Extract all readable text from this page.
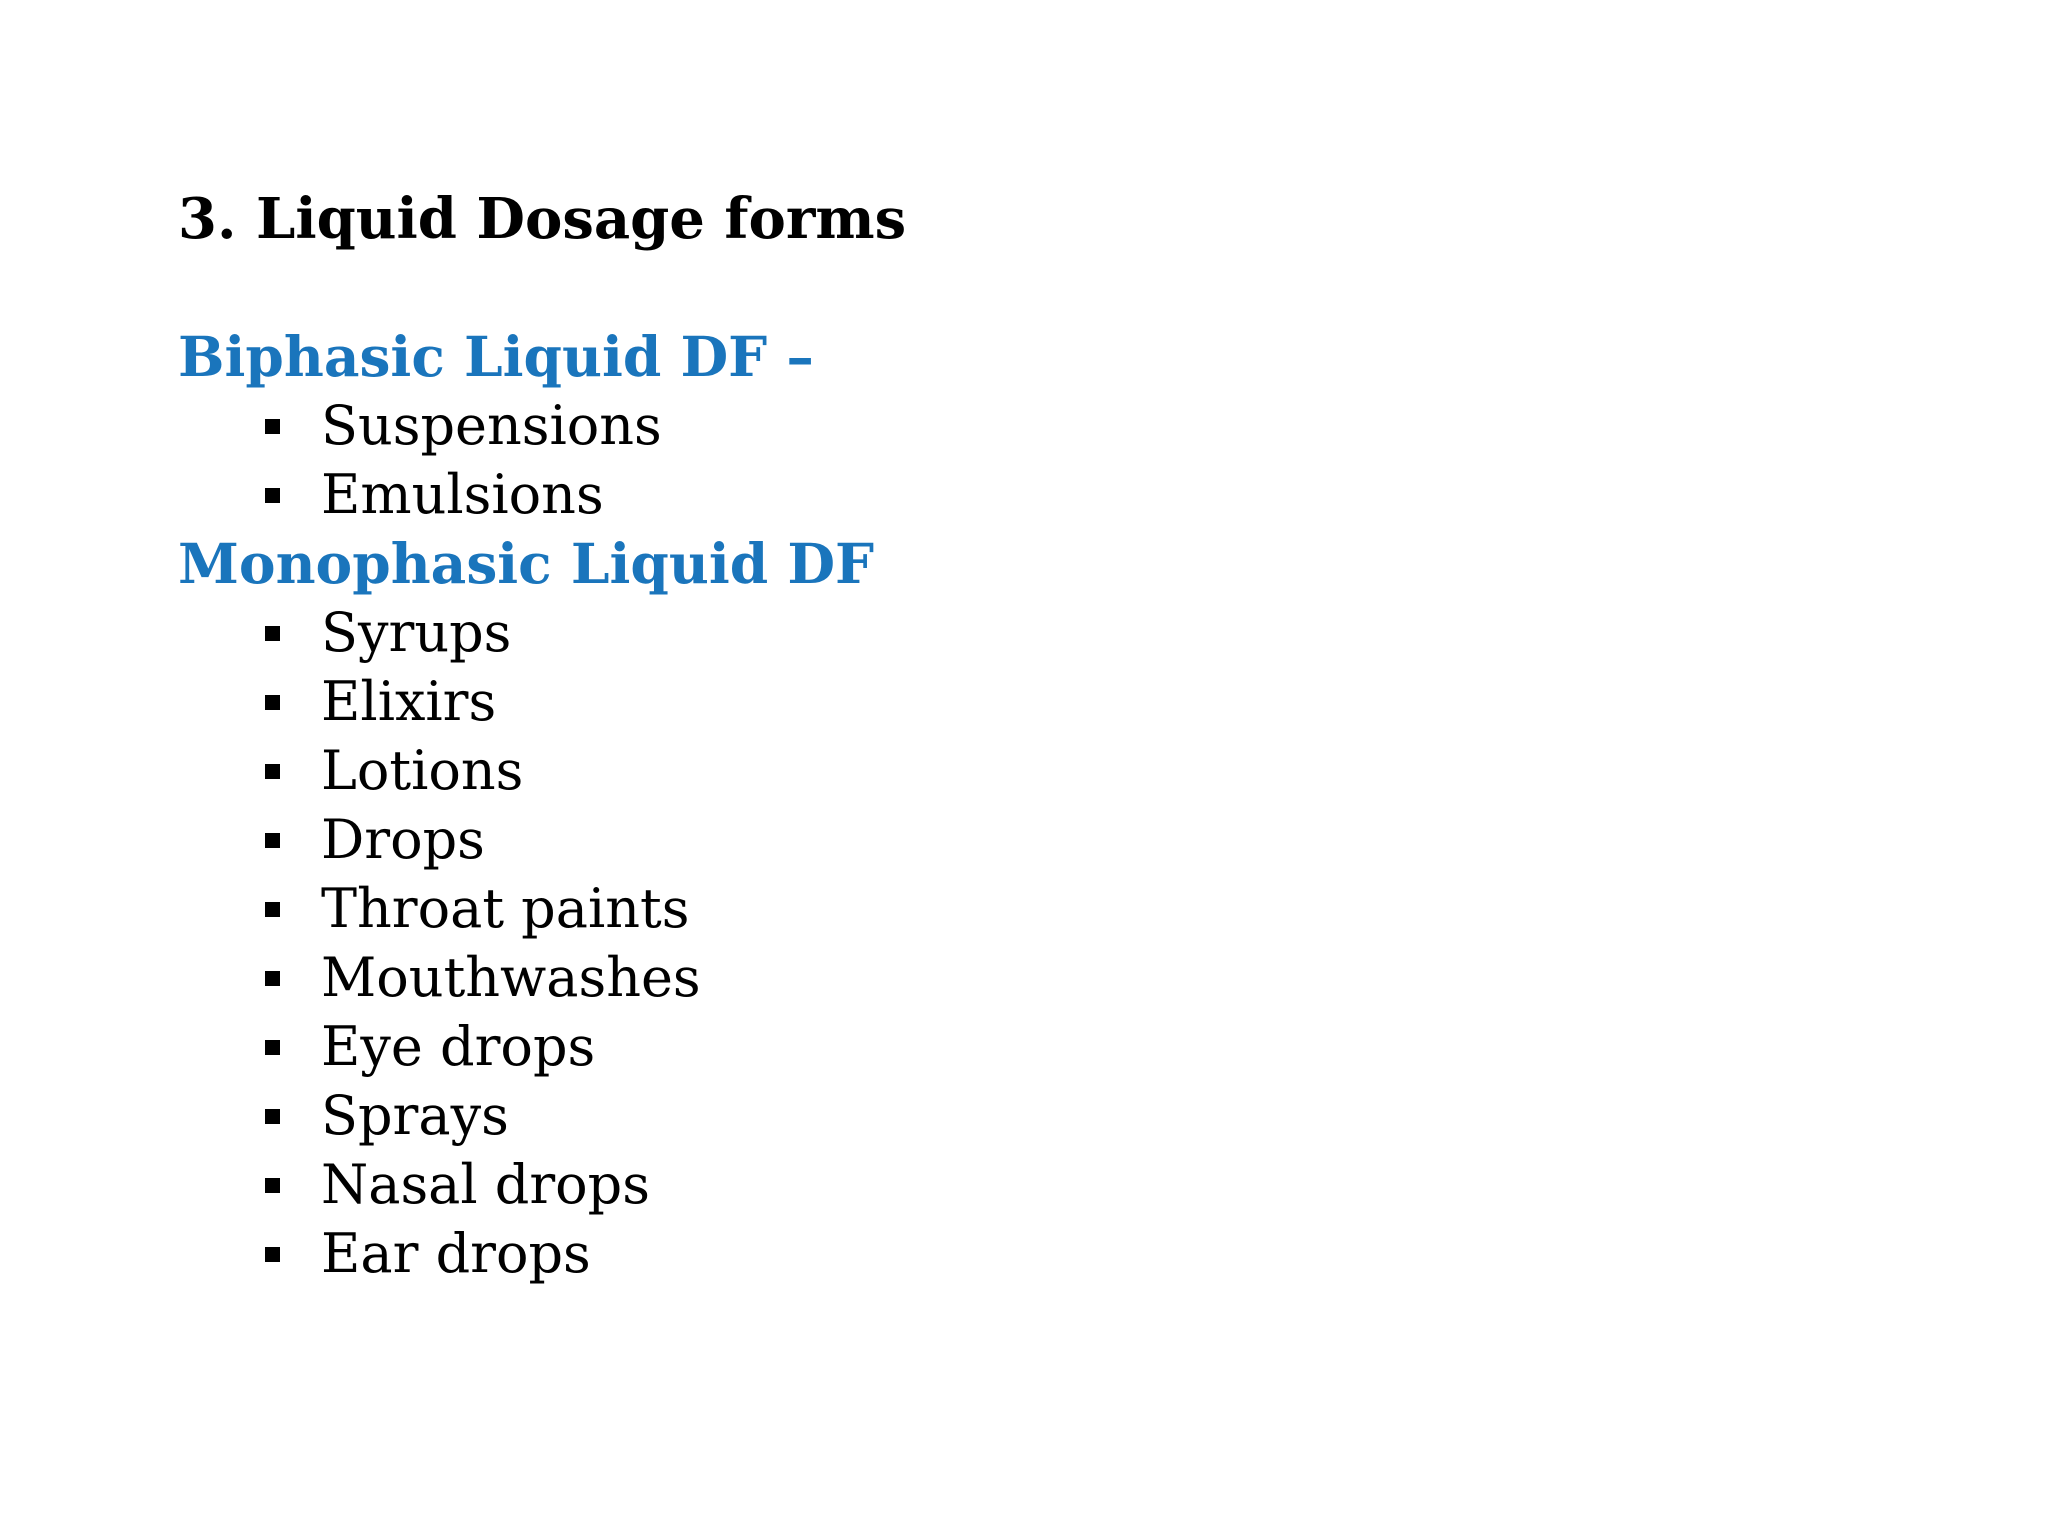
3. Liquid Dosage forms
Biphasic Liquid DF –
Suspensions
Emulsions
Monophasic Liquid DF
Syrups
Elixirs
Lotions
Drops
Throat paints
Mouthwashes
Eye drops
Sprays
Nasal drops
Ear drops
